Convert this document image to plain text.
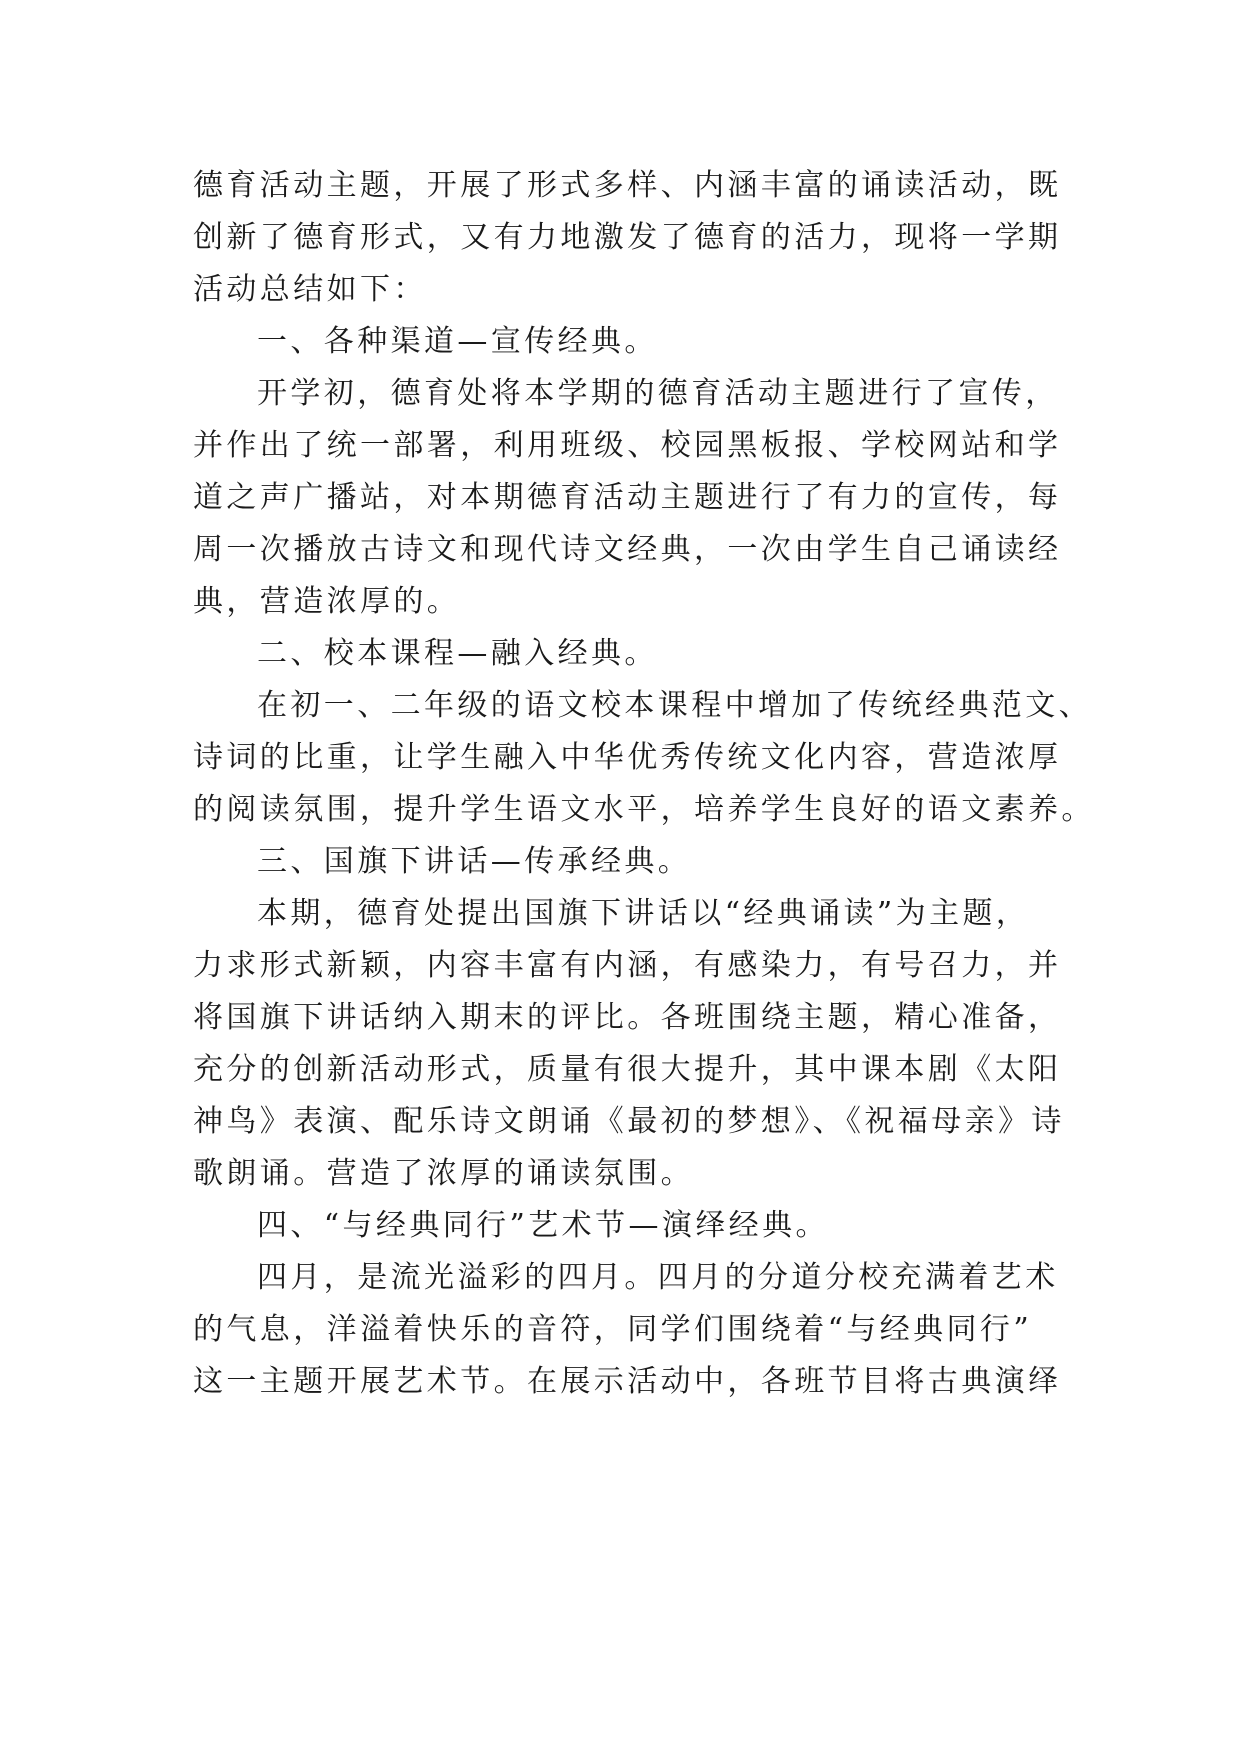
德育活动主题，开展了形式多样、内涵丰富的诵读活动，既
创新了德育形式，又有力地激发了德育的活力，现将一学期
活动总结如下：
一、各种渠道—宣传经典。
开学初，德育处将本学期的德育活动主题进行了宣传，
并作出了统一部署，利用班级、校园黑板报、学校网站和学
道之声广播站，对本期德育活动主题进行了有力的宣传，每
周一次播放古诗文和现代诗文经典，一次由学生自己诵读经
典，营造浓厚的。
二、校本课程—融入经典。
在初一、二年级的语文校本课程中增加了传统经典范文、
诗词的比重，让学生融入中华优秀传统文化内容，营造浓厚
的阅读氛围，提升学生语文水平，培养学生良好的语文素养。
三、国旗下讲话—传承经典。
本期，德育处提出国旗下讲话以“经典诵读”为主题，
力求形式新颖，内容丰富有内涵，有感染力，有号召力，并
将国旗下讲话纳入期末的评比。各班围绕主题，精心准备，
充分的创新活动形式，质量有很大提升，其中课本剧《太阳
神鸟》表演、配乐诗文朗诵《最初的梦想》、《祝福母亲》诗
歌朗诵。营造了浓厚的诵读氛围。
四、“与经典同行”艺术节—演绎经典。
四月，是流光溢彩的四月。四月的分道分校充满着艺术
的气息，洋溢着快乐的音符，同学们围绕着“与经典同行”
这一主题开展艺术节。在展示活动中，各班节目将古典演绎
